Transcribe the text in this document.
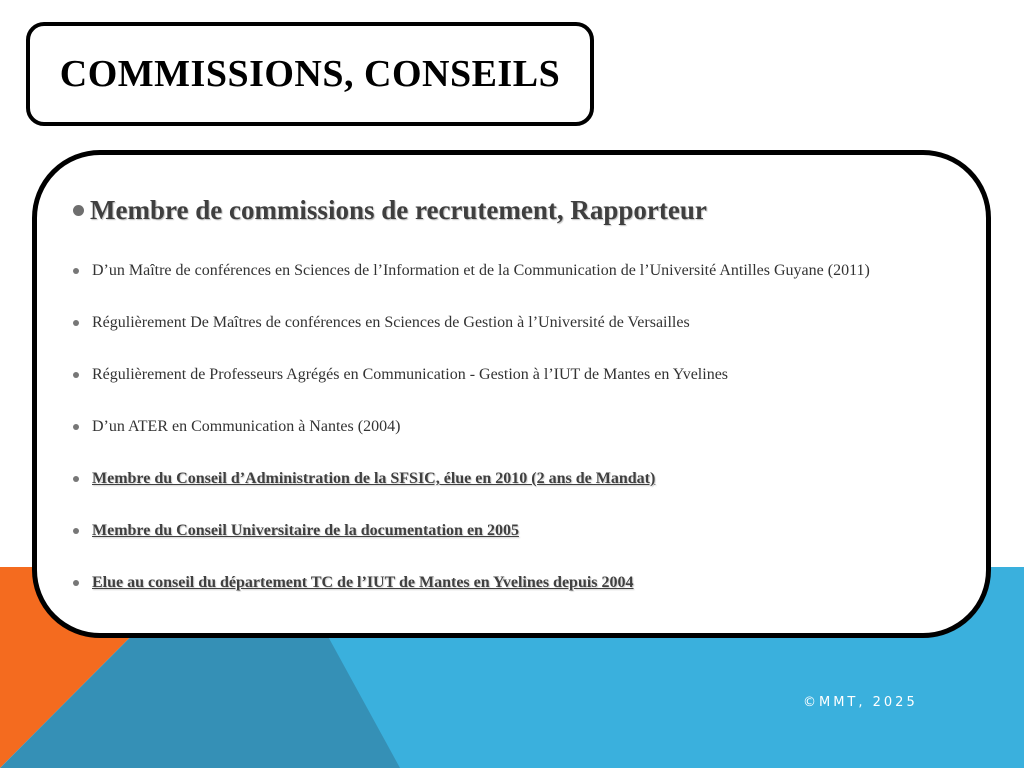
COMMISSIONS, CONSEILS
Membre de commissions de recrutement, Rapporteur
D’un Maître de conférences en Sciences de l’Information et de la Communication de l’Université Antilles Guyane (2011)
Régulièrement De Maîtres de conférences en Sciences de Gestion à l’Université de Versailles
Régulièrement de Professeurs Agrégés en Communication - Gestion à l’IUT de Mantes en Yvelines
D’un ATER en Communication à Nantes (2004)
Membre du Conseil d’Administration de la SFSIC, élue en 2010 (2 ans de Mandat)
Membre du Conseil Universitaire de la documentation en 2005
Elue au conseil du département TC de l’IUT de Mantes en Yvelines depuis 2004
©MMT, 2025
